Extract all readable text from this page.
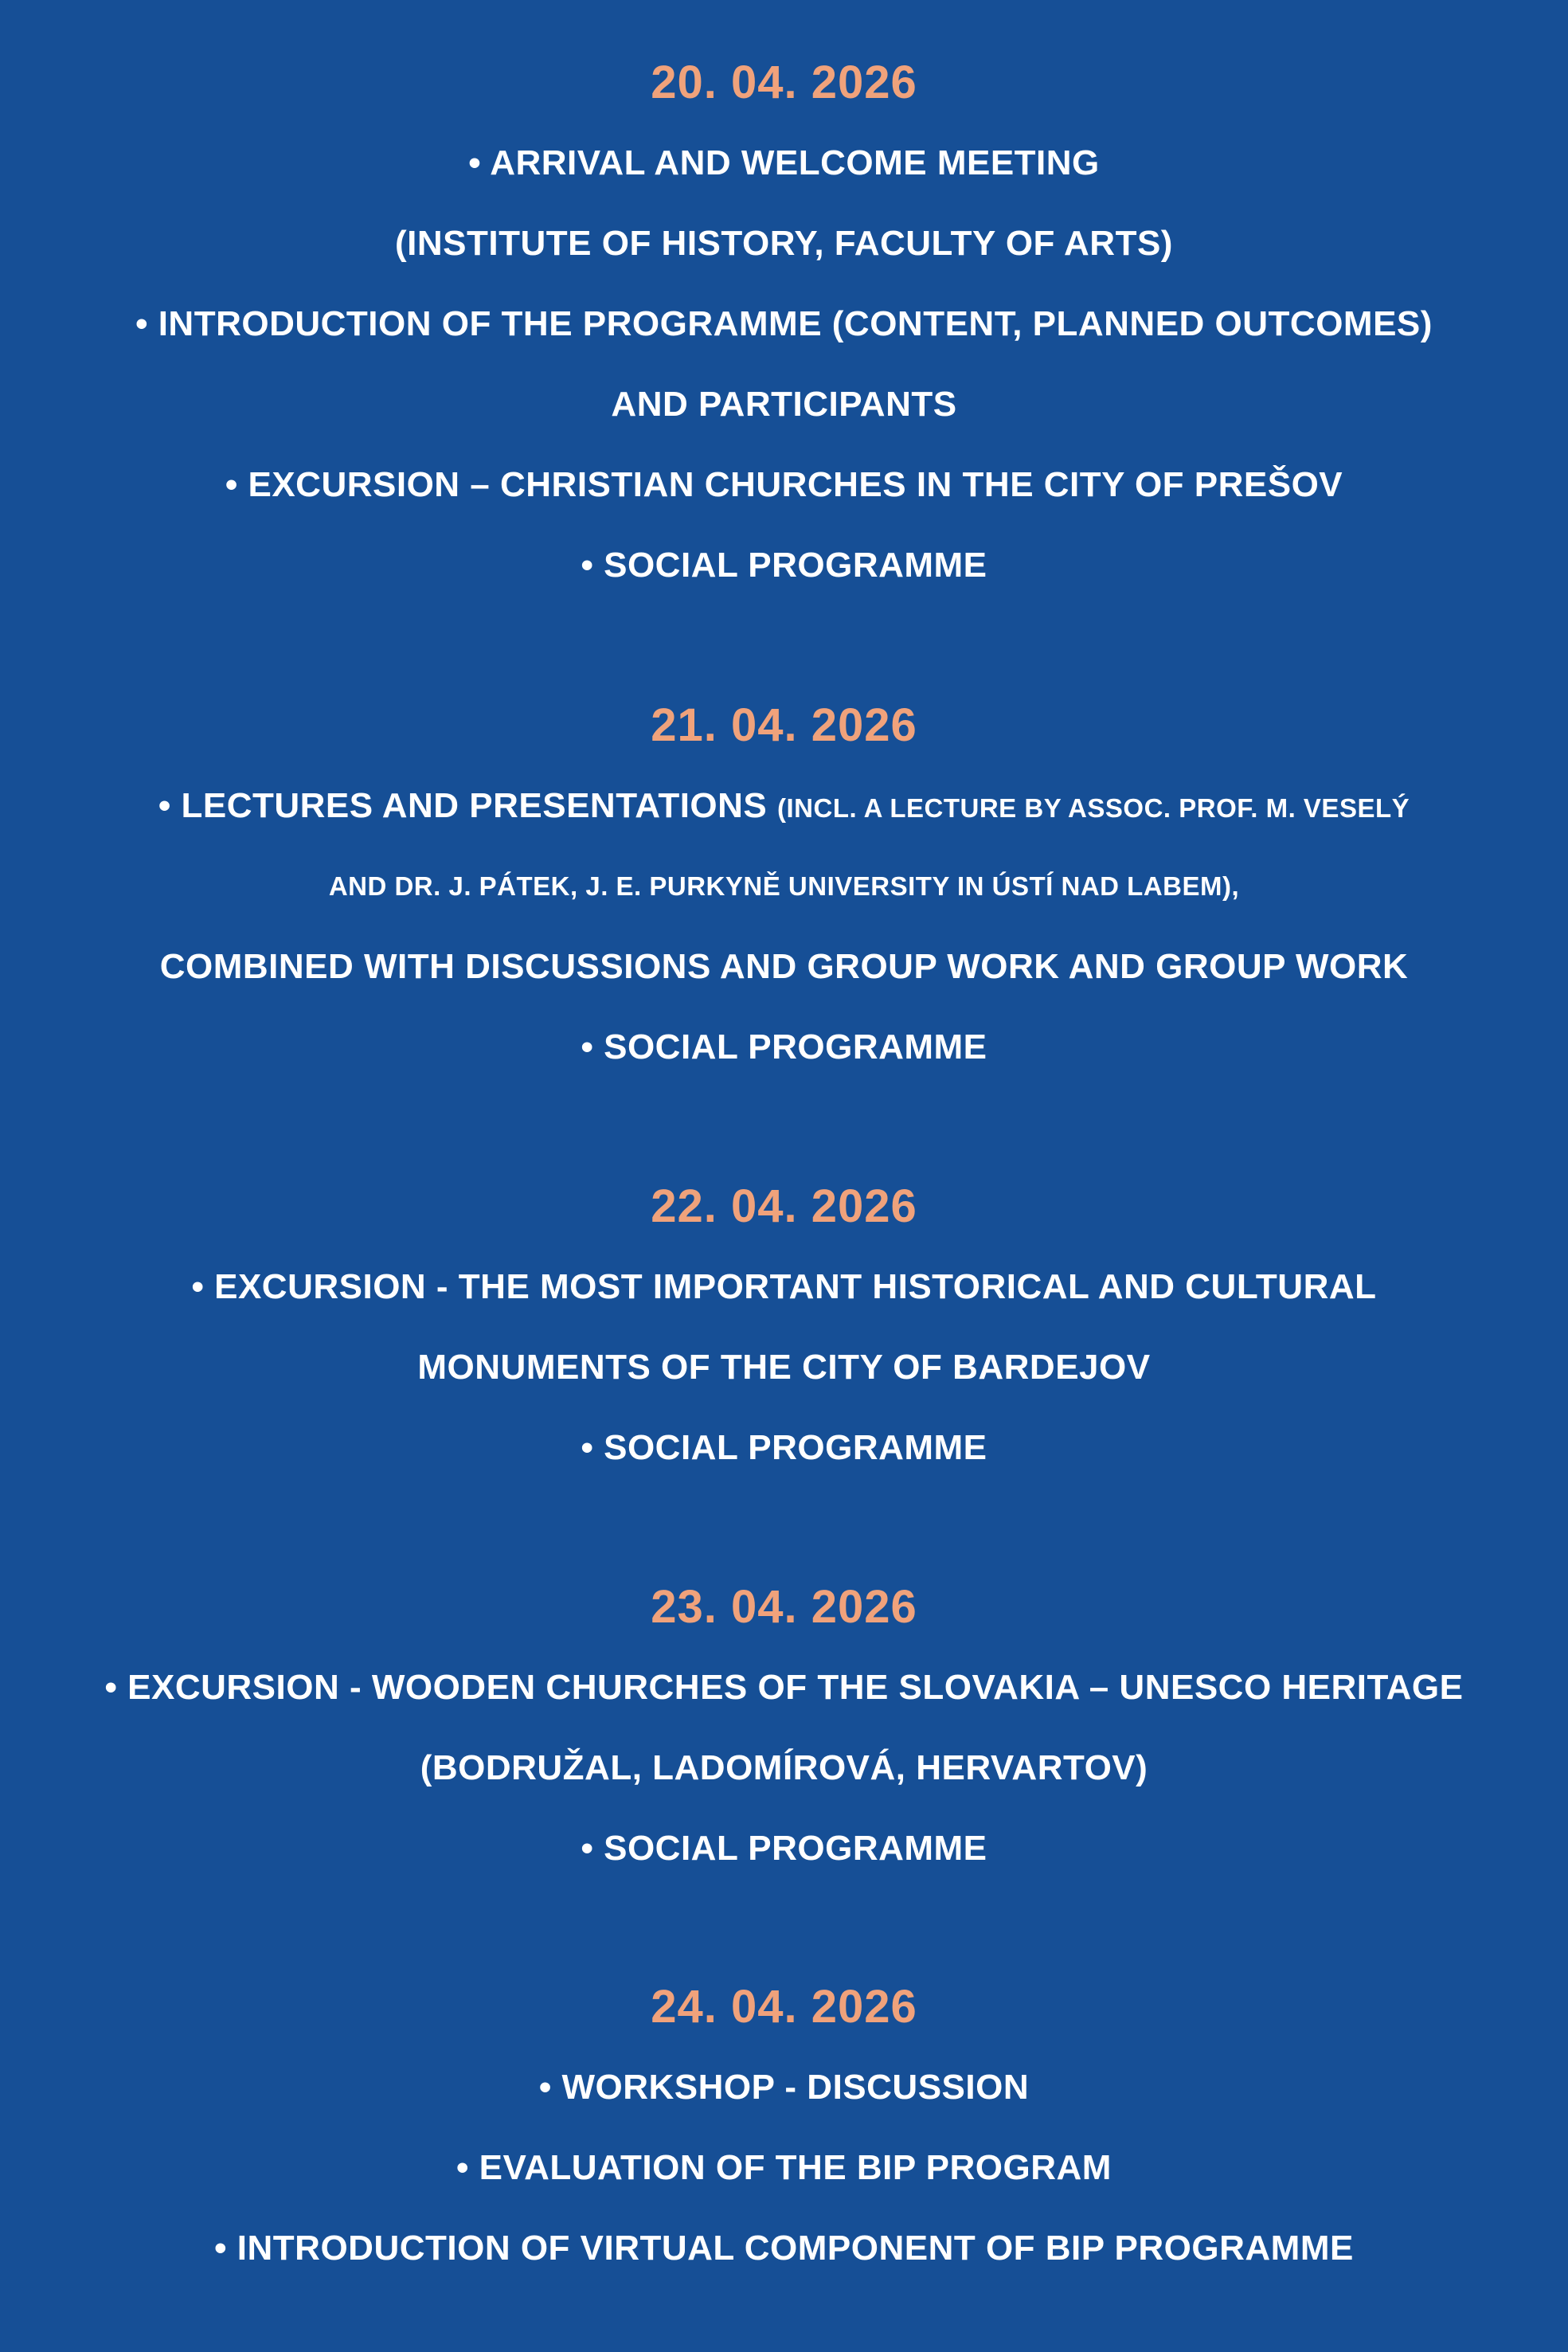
20. 04. 2026
• ARRIVAL AND WELCOME MEETING
(INSTITUTE OF HISTORY, FACULTY OF ARTS)
• INTRODUCTION OF THE PROGRAMME (CONTENT, PLANNED OUTCOMES)
AND PARTICIPANTS
• EXCURSION – CHRISTIAN CHURCHES IN THE CITY OF PREŠOV
• SOCIAL PROGRAMME
21. 04. 2026
• LECTURES AND PRESENTATIONS (INCL. A LECTURE BY ASSOC. PROF. M. VESELÝ
AND DR. J. PÁTEK, J. E. PURKYNĚ UNIVERSITY IN ÚSTÍ NAD LABEM),
COMBINED WITH DISCUSSIONS AND GROUP WORK AND GROUP WORK
• SOCIAL PROGRAMME
22. 04. 2026
• EXCURSION - THE MOST IMPORTANT HISTORICAL AND CULTURAL
MONUMENTS OF THE CITY OF BARDEJOV
• SOCIAL PROGRAMME
23. 04. 2026
• EXCURSION - WOODEN CHURCHES OF THE SLOVAKIA – UNESCO HERITAGE
(BODRUŽAL, LADOMÍROVÁ, HERVARTOV)
• SOCIAL PROGRAMME
24. 04. 2026
• WORKSHOP - DISCUSSION
• EVALUATION OF THE BIP PROGRAM
• INTRODUCTION OF VIRTUAL COMPONENT OF BIP PROGRAMME
